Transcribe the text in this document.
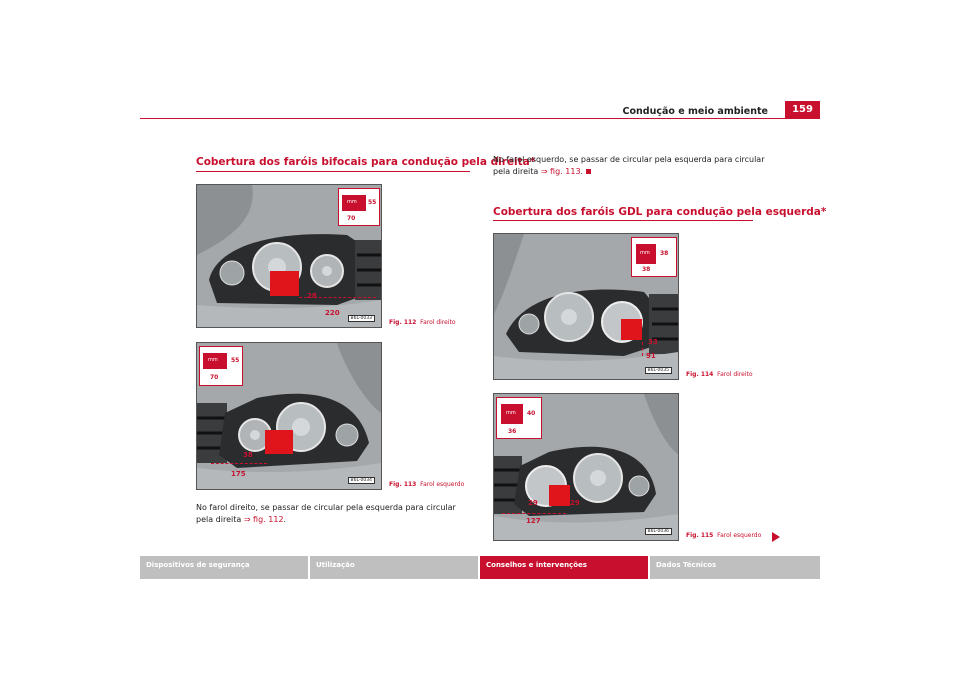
Condução e meio ambiente	159
Cobertura dos faróis bifocais para condução pela direita*
mm 55
70
28
220
B6L-0033
Fig. 112 Farol direito
mm 55
70
38
175
B6L-0034
Fig. 113 Farol esquerdo
No farol direito, se passar de circular pela esquerda para circular pela direita ⇒ fig. 112.
No farol esquerdo, se passar de circular pela esquerda para circular pela direita ⇒ fig. 113.
Cobertura dos faróis GDL para condução pela esquerda*
mm 38
38
33
91
B6L-0035
Fig. 114 Farol direito
mm 40
36
29	29
127
B6L-0036
Fig. 115 Farol esquerdo
Dispositivos de segurança	Utilização	Conselhos e intervenções	Dados Técnicos
